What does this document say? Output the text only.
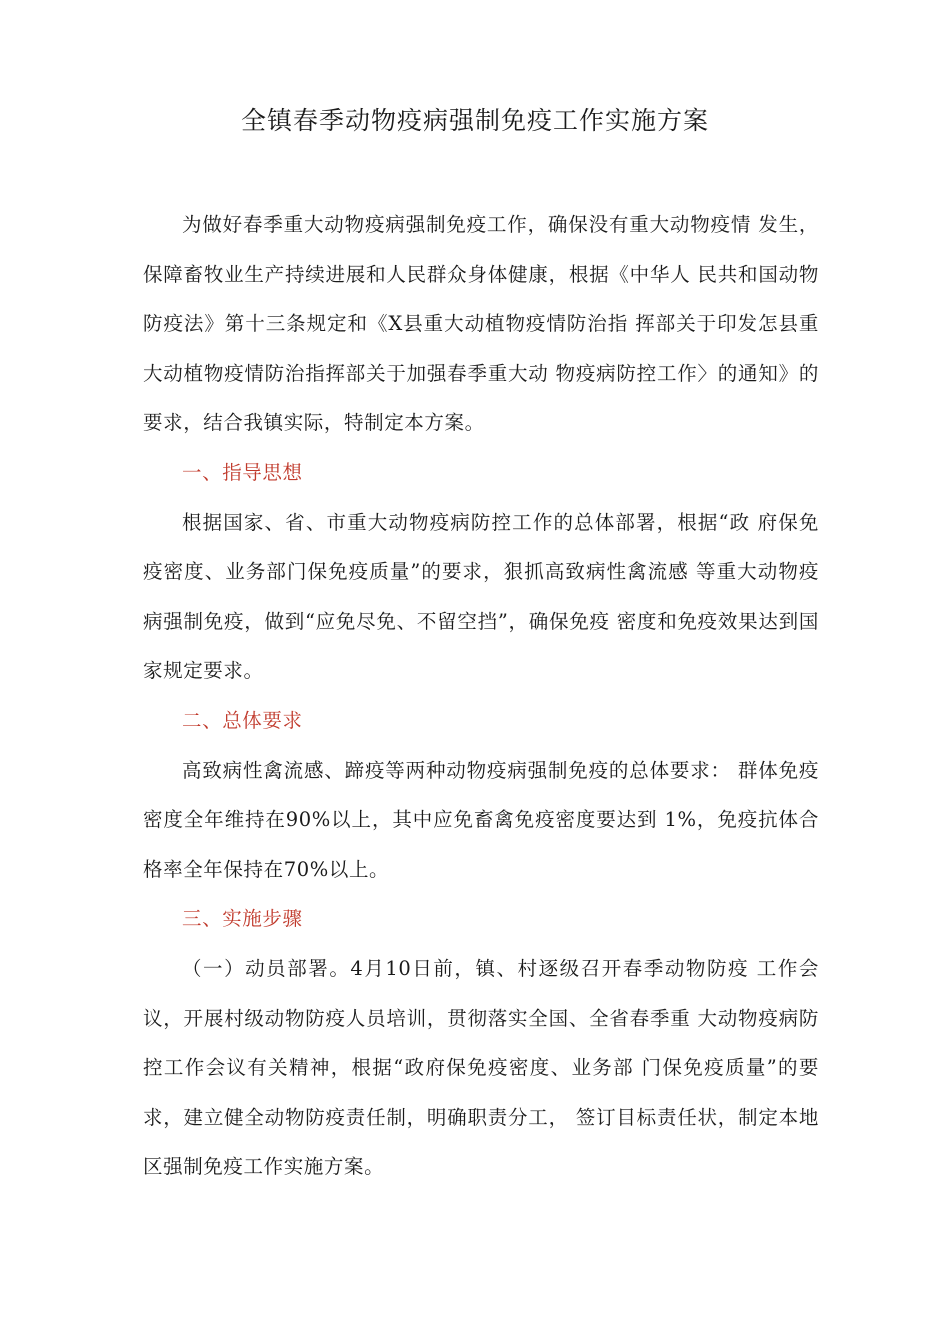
全镇春季动物疫病强制免疫工作实施方案

为做好春季重大动物疫病强制免疫工作，确保没有重大动物疫情 发生，保障畜牧业生产持续进展和人民群众身体健康，根据《中华人 民共和国动物防疫法》第十三条规定和《X县重大动植物疫情防治指 挥部关于印发怎县重大动植物疫情防治指挥部关于加强春季重大动 物疫病防控工作〉的通知》的要求，结合我镇实际，特制定本方案。

一、指导思想

根据国家、省、市重大动物疫病防控工作的总体部署，根据“政 府保免疫密度、业务部门保免疫质量”的要求，狠抓高致病性禽流感 等重大动物疫病强制免疫，做到“应免尽免、不留空挡”，确保免疫 密度和免疫效果达到国家规定要求。

二、总体要求

高致病性禽流感、蹄疫等两种动物疫病强制免疫的总体要求： 群体免疫密度全年维持在90%以上，其中应免畜禽免疫密度要达到 1%，免疫抗体合格率全年保持在70%以上。

三、实施步骤

（一）动员部署。4月10日前，镇、村逐级召开春季动物防疫 工作会议，开展村级动物防疫人员培训，贯彻落实全国、全省春季重 大动物疫病防控工作会议有关精神，根据“政府保免疫密度、业务部 门保免疫质量”的要求，建立健全动物防疫责任制，明确职责分工， 签订目标责任状，制定本地区强制免疫工作实施方案。
